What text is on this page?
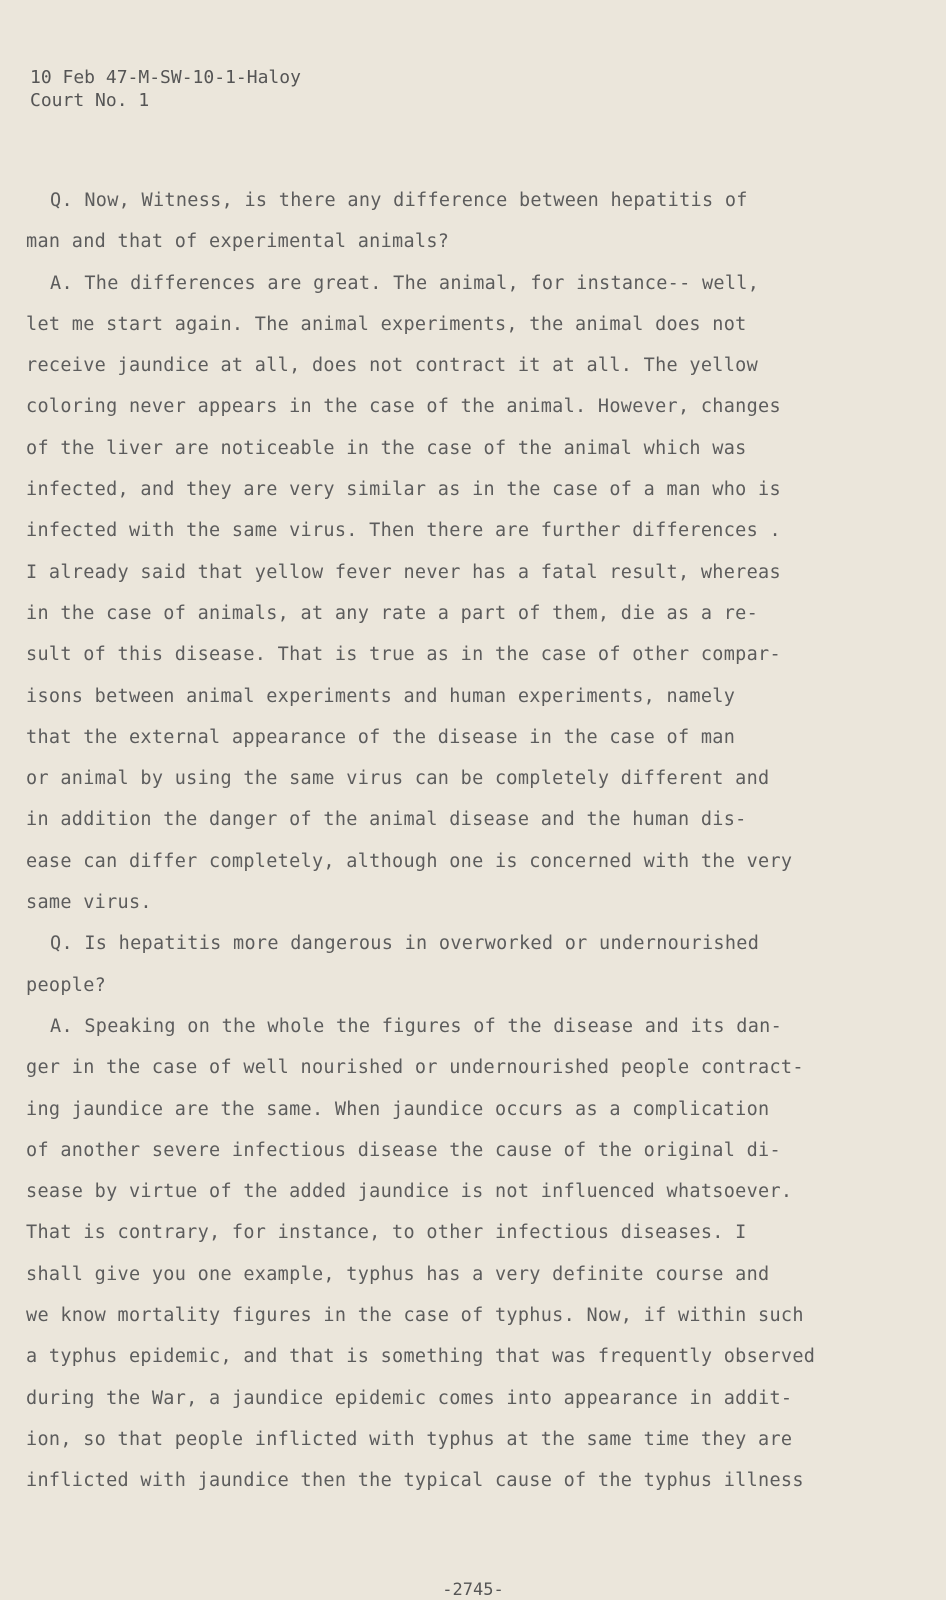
10 Feb 47-M-SW-10-1-Haloy
Court No. 1
Q. Now, Witness, is there any difference between hepatitis of
man and that of experimental animals?
A. The differences are great. The animal, for instance-- well,
let me start again. The animal experiments, the animal does not
receive jaundice at all, does not contract it at all. The yellow
coloring never appears in the case of the animal. However, changes
of the liver are noticeable in the case of the animal which was
infected, and they are very similar as in the case of a man who is
infected with the same virus. Then there are further differences .
I already said that yellow fever never has a fatal result, whereas
in the case of animals, at any rate a part of them, die as a re-
sult of this disease. That is true as in the case of other compar-
isons between animal experiments and human experiments, namely
that the external appearance of the disease in the case of man
or animal by using the same virus can be completely different and
in addition the danger of the animal disease and the human dis-
ease can differ completely, although one is concerned with the very
same virus.
Q. Is hepatitis more dangerous in overworked or undernourished
people?
A. Speaking on the whole the figures of the disease and its dan-
ger in the case of well nourished or undernourished people contract-
ing jaundice are the same. When jaundice occurs as a complication
of another severe infectious disease the cause of the original di-
sease by virtue of the added jaundice is not influenced whatsoever.
That is contrary, for instance, to other infectious diseases. I
shall give you one example, typhus has a very definite course and
we know mortality figures in the case of typhus. Now, if within such
a typhus epidemic, and that is something that was frequently observed
during the War, a jaundice epidemic comes into appearance in addit-
ion, so that people inflicted with typhus at the same time they are
inflicted with jaundice then the typical cause of the typhus illness
-2745-
